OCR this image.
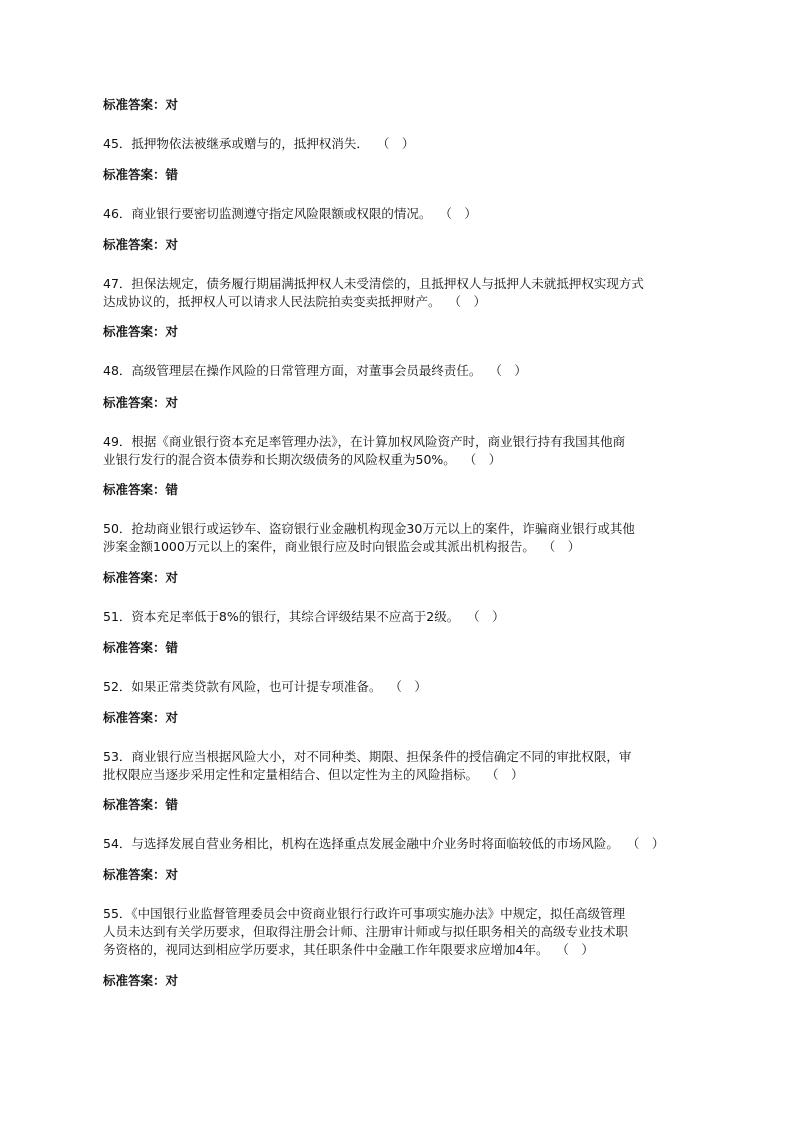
标准答案：对
45．抵押物依法被继承或赠与的，抵押权消失．  （　）
标准答案：错
46．商业银行要密切监测遵守指定风险限额或权限的情况。  （　）
标准答案：对
47．担保法规定，债务履行期届满抵押权人未受清偿的，且抵押权人与抵押人未就抵押权实现方式
达成协议的，抵押权人可以请求人民法院拍卖变卖抵押财产。  （　）
标准答案：对
48．高级管理层在操作风险的日常管理方面，对董事会员最终责任。  （　）
标准答案：对
49．根据《商业银行资本充足率管理办法》，在计算加权风险资产时，商业银行持有我国其他商
业银行发行的混合资本债券和长期次级债务的风险权重为50%。  （　）
标准答案：错
50．抢劫商业银行或运钞车、盗窃银行业金融机构现金30万元以上的案件，诈骗商业银行或其他
涉案金额1000万元以上的案件，商业银行应及时向银监会或其派出机构报告。  （　）
标准答案：对
51．资本充足率低于8%的银行，其综合评级结果不应高于2级。  （　）
标准答案：错
52．如果正常类贷款有风险，也可计提专项准备。  （　）
标准答案：对
53．商业银行应当根据风险大小，对不同种类、期限、担保条件的授信确定不同的审批权限，审
批权限应当逐步采用定性和定量相结合、但以定性为主的风险指标。  （　）
标准答案：错
54．与选择发展自营业务相比，机构在选择重点发展金融中介业务时将面临较低的市场风险。  （　）
标准答案：对
55．《中国银行业监督管理委员会中资商业银行行政许可事项实施办法》中规定，拟任高级管理
人员未达到有关学历要求，但取得注册会计师、注册审计师或与拟任职务相关的高级专业技术职
务资格的，视同达到相应学历要求，其任职条件中金融工作年限要求应增加4年。  （　）
标准答案：对
